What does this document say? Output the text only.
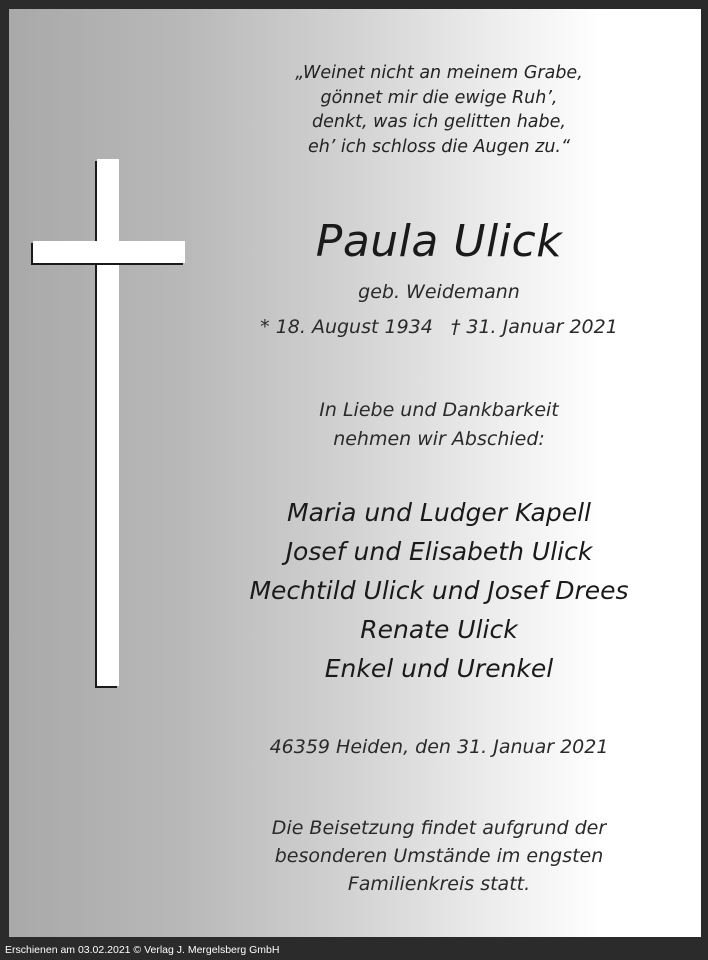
„Weinet nicht an meinem Grabe,
gönnet mir die ewige Ruh’,
denkt, was ich gelitten habe,
eh’ ich schloss die Augen zu.“
Paula Ulick
geb. Weidemann
* 18. August 1934 † 31. Januar 2021
In Liebe und Dankbarkeit
nehmen wir Abschied:
Maria und Ludger Kapell
Josef und Elisabeth Ulick
Mechtild Ulick und Josef Drees
Renate Ulick
Enkel und Urenkel
46359 Heiden, den 31. Januar 2021
Die Beisetzung findet aufgrund der
besonderen Umstände im engsten
Familienkreis statt.
Erschienen am 03.02.2021 © Verlag J. Mergelsberg GmbH
